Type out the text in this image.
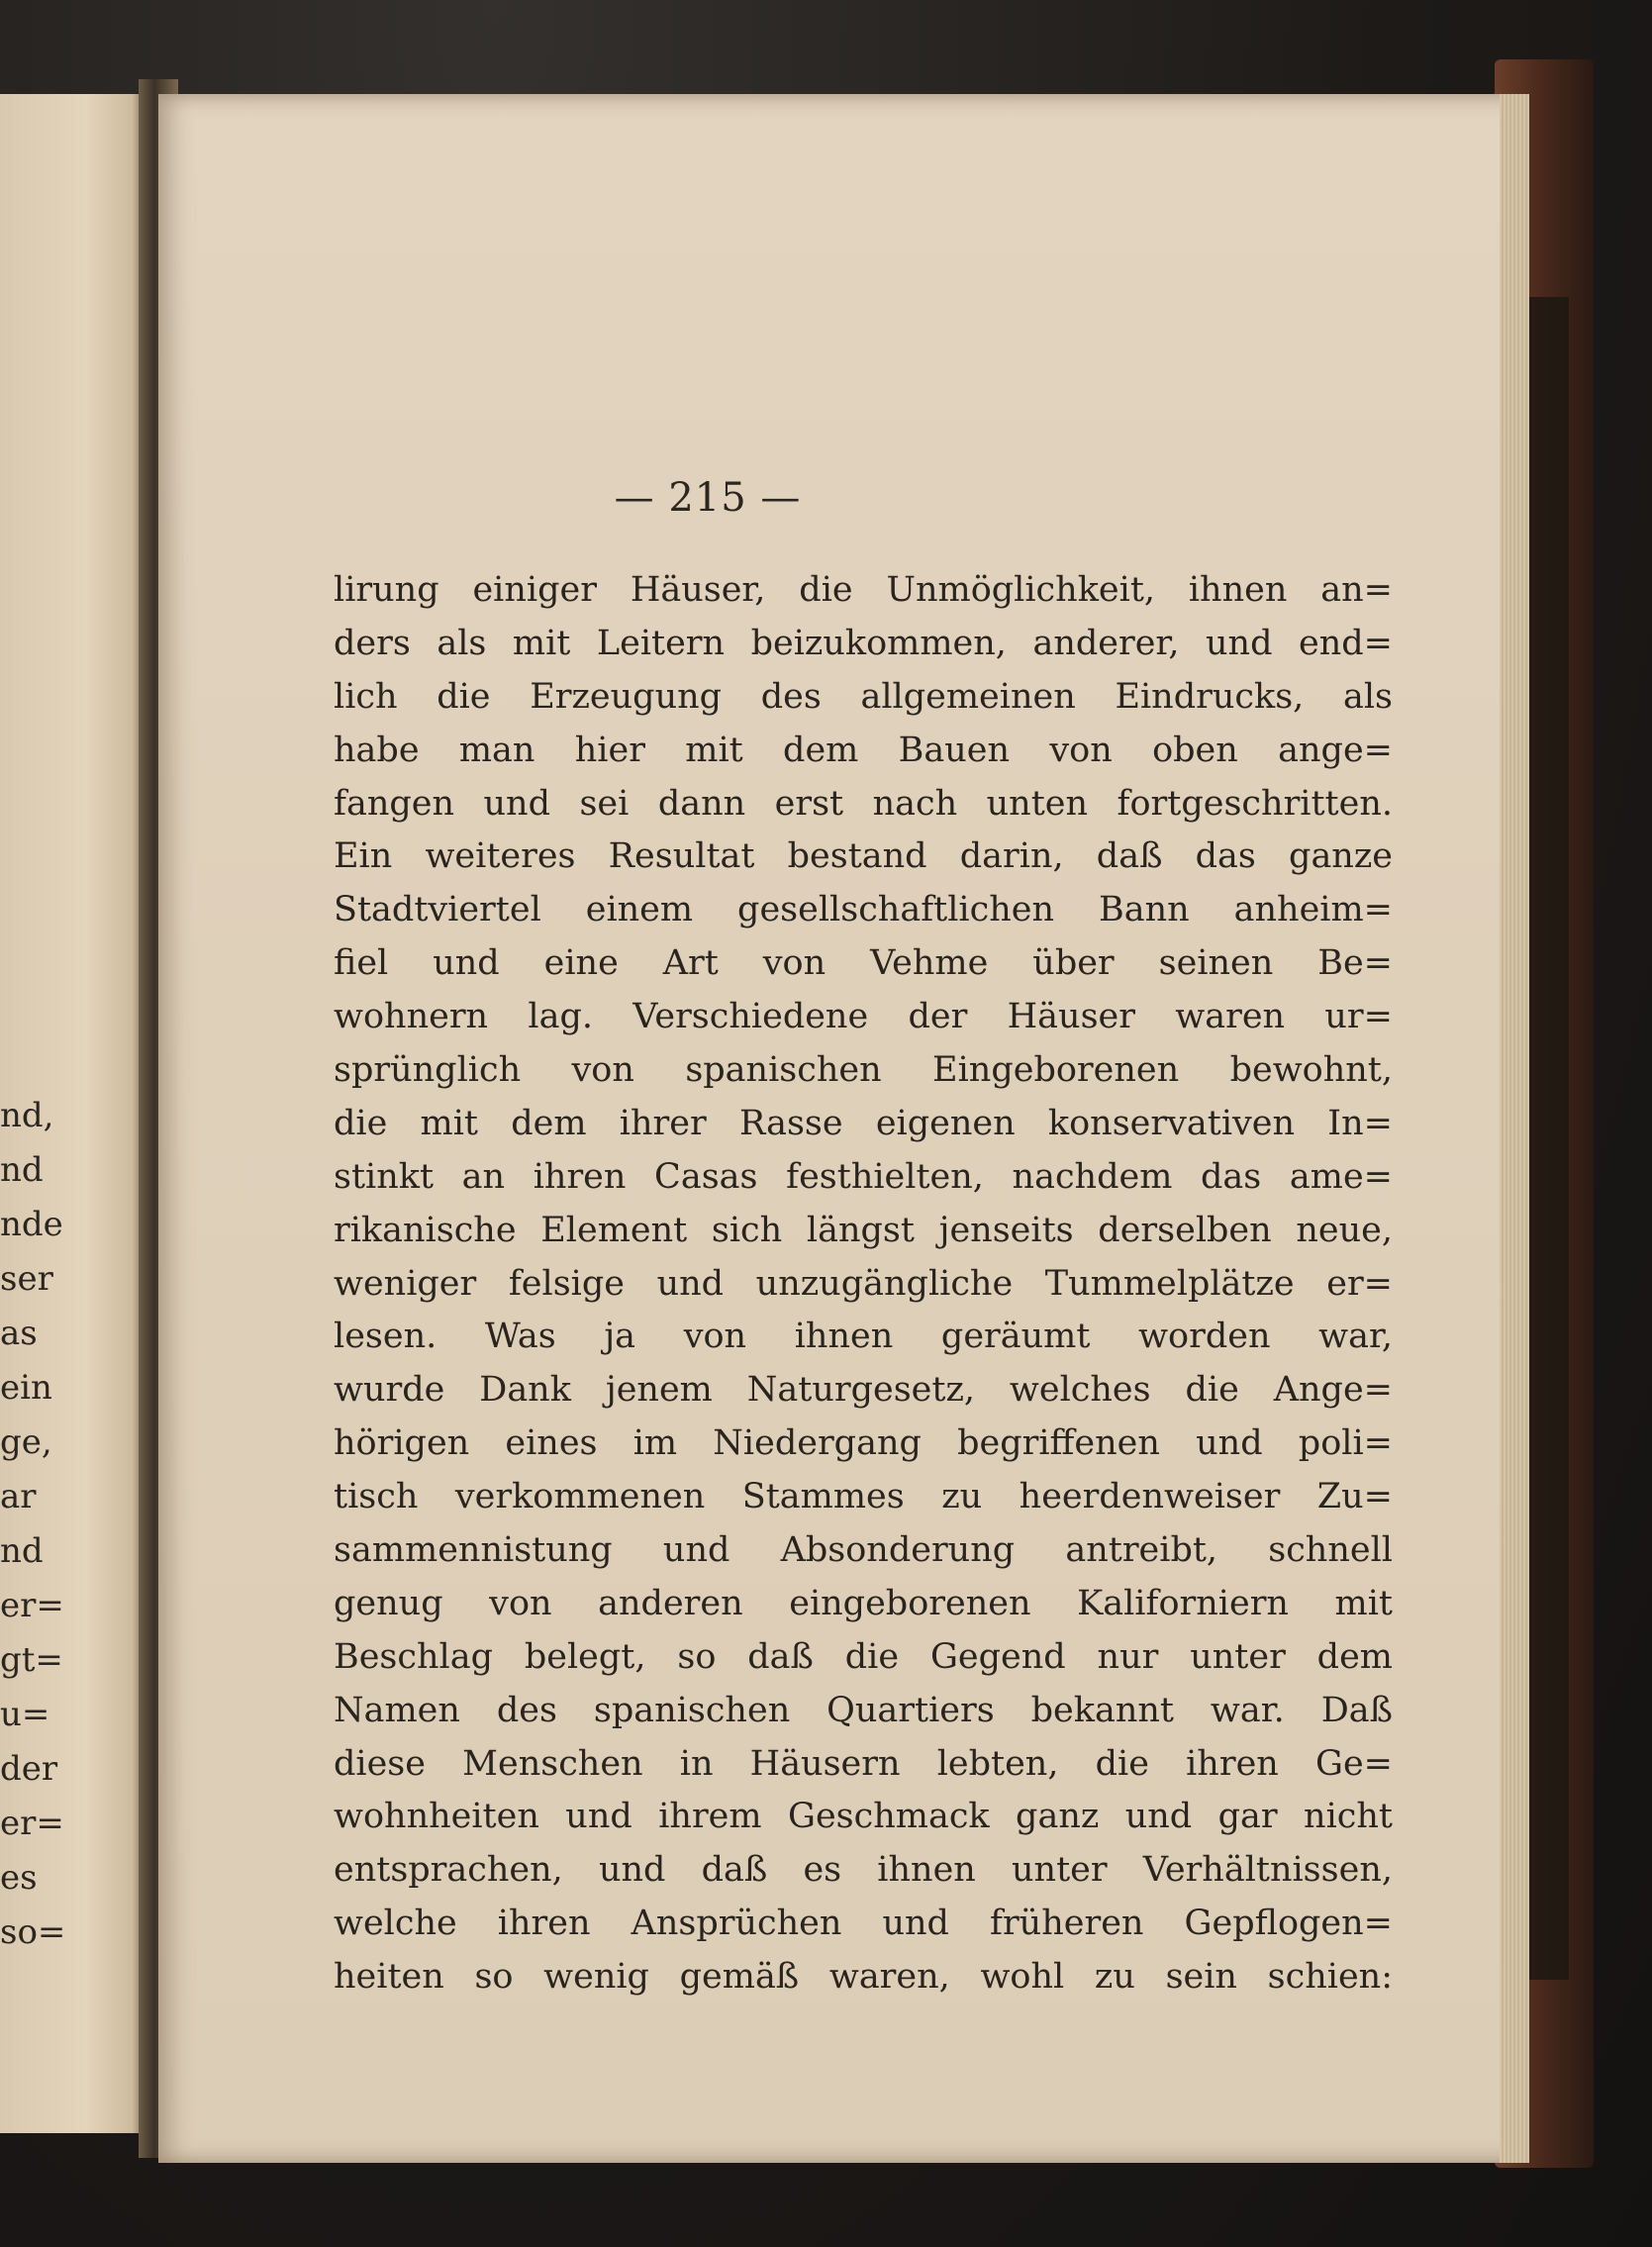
nd,
nd
nde
ser
as
ein
ge,
ar
nd
er=
gt=
u=
der
er=
es
so=
— 215 —
lirung einiger Häuser, die Unmöglichkeit, ihnen an=
ders als mit Leitern beizukommen, anderer, und end=
lich die Erzeugung des allgemeinen Eindrucks, als
habe man hier mit dem Bauen von oben ange=
fangen und sei dann erst nach unten fortgeschritten.
Ein weiteres Resultat bestand darin, daß das ganze
Stadtviertel einem gesellschaftlichen Bann anheim=
fiel und eine Art von Vehme über seinen Be=
wohnern lag. Verschiedene der Häuser waren ur=
sprünglich von spanischen Eingeborenen bewohnt,
die mit dem ihrer Rasse eigenen konservativen In=
stinkt an ihren Casas festhielten, nachdem das ame=
rikanische Element sich längst jenseits derselben neue,
weniger felsige und unzugängliche Tummelplätze er=
lesen. Was ja von ihnen geräumt worden war,
wurde Dank jenem Naturgesetz, welches die Ange=
hörigen eines im Niedergang begriffenen und poli=
tisch verkommenen Stammes zu heerdenweiser Zu=
sammennistung und Absonderung antreibt, schnell
genug von anderen eingeborenen Kaliforniern mit
Beschlag belegt, so daß die Gegend nur unter dem
Namen des spanischen Quartiers bekannt war. Daß
diese Menschen in Häusern lebten, die ihren Ge=
wohnheiten und ihrem Geschmack ganz und gar nicht
entsprachen, und daß es ihnen unter Verhältnissen,
welche ihren Ansprüchen und früheren Gepflogen=
heiten so wenig gemäß waren, wohl zu sein schien:
